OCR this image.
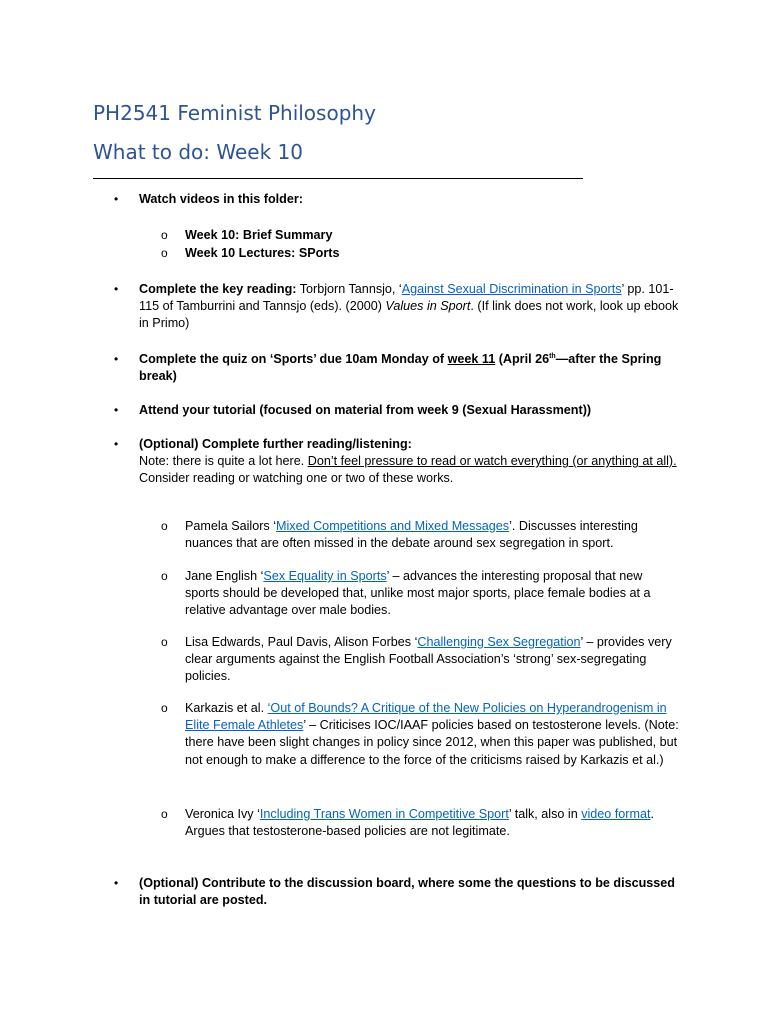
PH2541 Feminist Philosophy
What to do: Week 10
• Watch videos in this folder:
o Week 10: Brief Summary
o Week 10 Lectures: SPorts
• Complete the key reading: Torbjorn Tannsjo, ‘Against Sexual Discrimination in Sports’ pp. 101-115 of Tamburrini and Tannsjo (eds). (2000) Values in Sport. (If link does not work, look up ebook in Primo)
• Complete the quiz on ‘Sports’ due 10am Monday of week 11 (April 26th—after the Spring break)
• Attend your tutorial (focused on material from week 9 (Sexual Harassment))
• (Optional) Complete further reading/listening:
Note: there is quite a lot here. Don’t feel pressure to read or watch everything (or anything at all). Consider reading or watching one or two of these works.
o Pamela Sailors ‘Mixed Competitions and Mixed Messages’. Discusses interesting nuances that are often missed in the debate around sex segregation in sport.
o Jane English ‘Sex Equality in Sports’ – advances the interesting proposal that new sports should be developed that, unlike most major sports, place female bodies at a relative advantage over male bodies.
o Lisa Edwards, Paul Davis, Alison Forbes ‘Challenging Sex Segregation’ – provides very clear arguments against the English Football Association’s ‘strong’ sex-segregating policies.
o Karkazis et al. ‘Out of Bounds? A Critique of the New Policies on Hyperandrogenism in Elite Female Athletes’ – Criticises IOC/IAAF policies based on testosterone levels. (Note: there have been slight changes in policy since 2012, when this paper was published, but not enough to make a difference to the force of the criticisms raised by Karkazis et al.)
o Veronica Ivy ‘Including Trans Women in Competitive Sport’ talk, also in video format. Argues that testosterone-based policies are not legitimate.
• (Optional) Contribute to the discussion board, where some the questions to be discussed in tutorial are posted.
